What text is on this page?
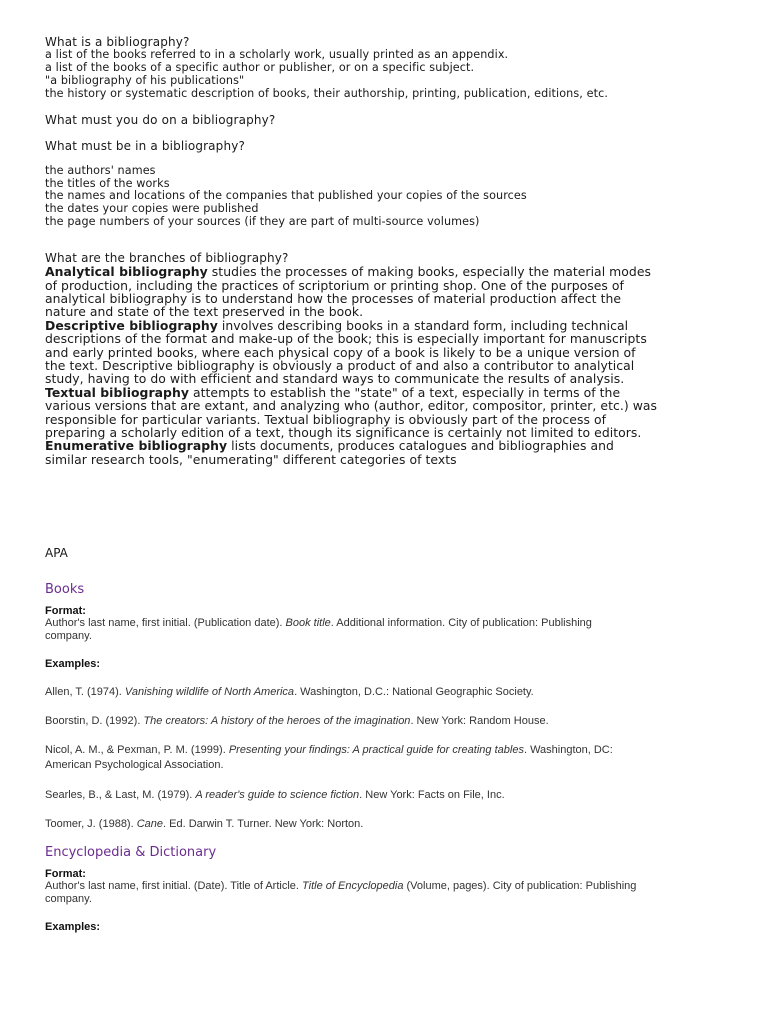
What is a bibliography?
a list of the books referred to in a scholarly work, usually printed as an appendix.
a list of the books of a specific author or publisher, or on a specific subject.
"a bibliography of his publications"
the history or systematic description of books, their authorship, printing, publication, editions, etc.
What must you do on a bibliography?
What must be in a bibliography?
the authors' names
the titles of the works
the names and locations of the companies that published your copies of the sources
the dates your copies were published
the page numbers of your sources (if they are part of multi-source volumes)
What are the branches of bibliography?
Analytical bibliography studies the processes of making books, especially the material modes
of production, including the practices of scriptorium or printing shop. One of the purposes of
analytical bibliography is to understand how the processes of material production affect the
nature and state of the text preserved in the book.
Descriptive bibliography involves describing books in a standard form, including technical
descriptions of the format and make-up of the book; this is especially important for manuscripts
and early printed books, where each physical copy of a book is likely to be a unique version of
the text. Descriptive bibliography is obviously a product of and also a contributor to analytical
study, having to do with efficient and standard ways to communicate the results of analysis.
Textual bibliography attempts to establish the "state" of a text, especially in terms of the
various versions that are extant, and analyzing who (author, editor, compositor, printer, etc.) was
responsible for particular variants. Textual bibliography is obviously part of the process of
preparing a scholarly edition of a text, though its significance is certainly not limited to editors.
Enumerative bibliography lists documents, produces catalogues and bibliographies and
similar research tools, "enumerating" different categories of texts
APA
Books
Format:
Author's last name, first initial. (Publication date). Book title. Additional information. City of publication: Publishing
company.
Examples:
Allen, T. (1974). Vanishing wildlife of North America. Washington, D.C.: National Geographic Society.
Boorstin, D. (1992). The creators: A history of the heroes of the imagination. New York: Random House.
Nicol, A. M., & Pexman, P. M. (1999). Presenting your findings: A practical guide for creating tables. Washington, DC:
American Psychological Association.
Searles, B., & Last, M. (1979). A reader's guide to science fiction. New York: Facts on File, Inc.
Toomer, J. (1988). Cane. Ed. Darwin T. Turner. New York: Norton.
Encyclopedia & Dictionary
Format:
Author's last name, first initial. (Date). Title of Article. Title of Encyclopedia (Volume, pages). City of publication: Publishing
company.
Examples:
